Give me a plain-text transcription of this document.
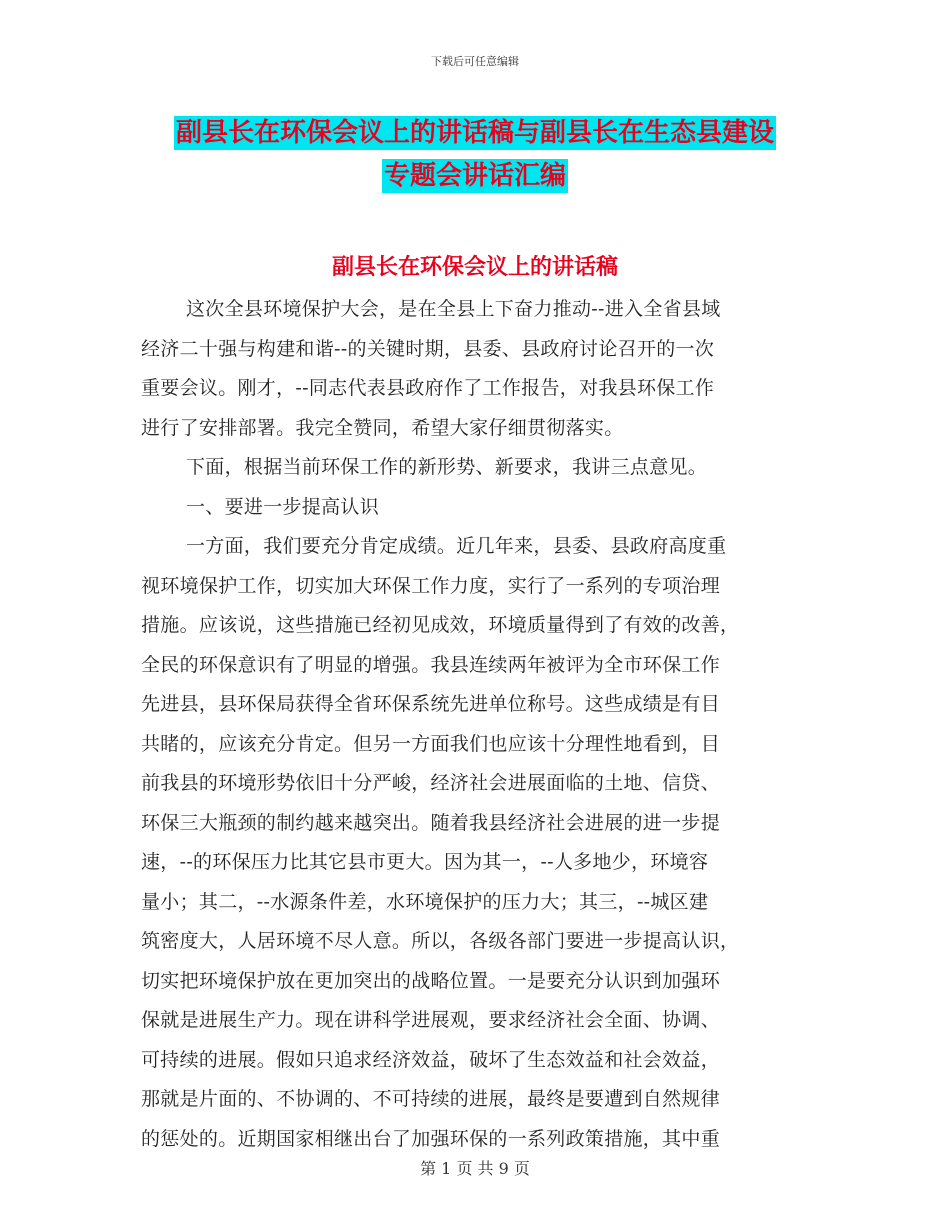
下载后可任意编辑
副县长在环保会议上的讲话稿与副县长在生态县建设
专题会讲话汇编
副县长在环保会议上的讲话稿
这次全县环境保护大会，是在全县上下奋力推动--进入全省县域
经济二十强与构建和谐--的关键时期，县委、县政府讨论召开的一次
重要会议。刚才，--同志代表县政府作了工作报告，对我县环保工作
进行了安排部署。我完全赞同，希望大家仔细贯彻落实。
下面，根据当前环保工作的新形势、新要求，我讲三点意见。
一、要进一步提高认识
一方面，我们要充分肯定成绩。近几年来，县委、县政府高度重
视环境保护工作，切实加大环保工作力度，实行了一系列的专项治理
措施。应该说，这些措施已经初见成效，环境质量得到了有效的改善，
全民的环保意识有了明显的增强。我县连续两年被评为全市环保工作
先进县，县环保局获得全省环保系统先进单位称号。这些成绩是有目
共睹的，应该充分肯定。但另一方面我们也应该十分理性地看到，目
前我县的环境形势依旧十分严峻，经济社会进展面临的土地、信贷、
环保三大瓶颈的制约越来越突出。随着我县经济社会进展的进一步提
速，--的环保压力比其它县市更大。因为其一，--人多地少，环境容
量小；其二，--水源条件差，水环境保护的压力大；其三，--城区建
筑密度大，人居环境不尽人意。所以，各级各部门要进一步提高认识，
切实把环境保护放在更加突出的战略位置。一是要充分认识到加强环
保就是进展生产力。现在讲科学进展观，要求经济社会全面、协调、
可持续的进展。假如只追求经济效益，破坏了生态效益和社会效益，
那就是片面的、不协调的、不可持续的进展，最终是要遭到自然规律
的惩处的。近期国家相继出台了加强环保的一系列政策措施，其中重
第 1 页 共 9 页
